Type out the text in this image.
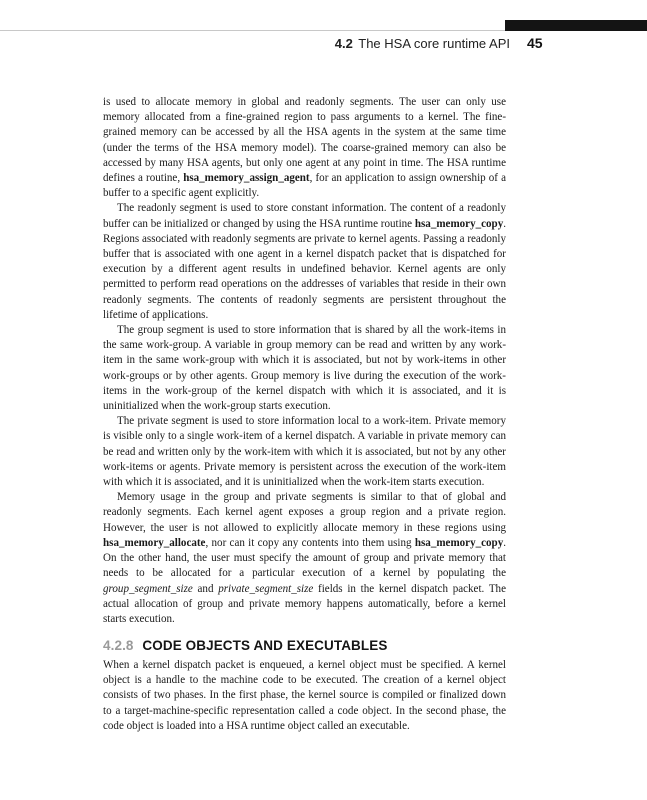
4.2 The HSA core runtime API 45

is used to allocate memory in global and readonly segments. The user can only use memory allocated from a fine-grained region to pass arguments to a kernel. The fine-grained memory can be accessed by all the HSA agents in the system at the same time (under the terms of the HSA memory model). The coarse-grained memory can also be accessed by many HSA agents, but only one agent at any point in time. The HSA runtime defines a routine, hsa_memory_assign_agent, for an application to assign ownership of a buffer to a specific agent explicitly.

The readonly segment is used to store constant information. The content of a readonly buffer can be initialized or changed by using the HSA runtime routine hsa_memory_copy. Regions associated with readonly segments are private to kernel agents. Passing a readonly buffer that is associated with one agent in a kernel dispatch packet that is dispatched for execution by a different agent results in undefined behavior. Kernel agents are only permitted to perform read operations on the addresses of variables that reside in their own readonly segments. The contents of readonly segments are persistent throughout the lifetime of applications.

The group segment is used to store information that is shared by all the work-items in the same work-group. A variable in group memory can be read and written by any work-item in the same work-group with which it is associated, but not by work-items in other work-groups or by other agents. Group memory is live during the execution of the work-items in the work-group of the kernel dispatch with which it is associated, and it is uninitialized when the work-group starts execution.

The private segment is used to store information local to a work-item. Private memory is visible only to a single work-item of a kernel dispatch. A variable in private memory can be read and written only by the work-item with which it is associated, but not by any other work-items or agents. Private memory is persistent across the execution of the work-item with which it is associated, and it is uninitialized when the work-item starts execution.

Memory usage in the group and private segments is similar to that of global and readonly segments. Each kernel agent exposes a group region and a private region. However, the user is not allowed to explicitly allocate memory in these regions using hsa_memory_allocate, nor can it copy any contents into them using hsa_memory_copy. On the other hand, the user must specify the amount of group and private memory that needs to be allocated for a particular execution of a kernel by populating the group_segment_size and private_segment_size fields in the kernel dispatch packet. The actual allocation of group and private memory happens automatically, before a kernel starts execution.

4.2.8 CODE OBJECTS AND EXECUTABLES

When a kernel dispatch packet is enqueued, a kernel object must be specified. A kernel object is a handle to the machine code to be executed. The creation of a kernel object consists of two phases. In the first phase, the kernel source is compiled or finalized down to a target-machine-specific representation called a code object. In the second phase, the code object is loaded into a HSA runtime object called an executable.
